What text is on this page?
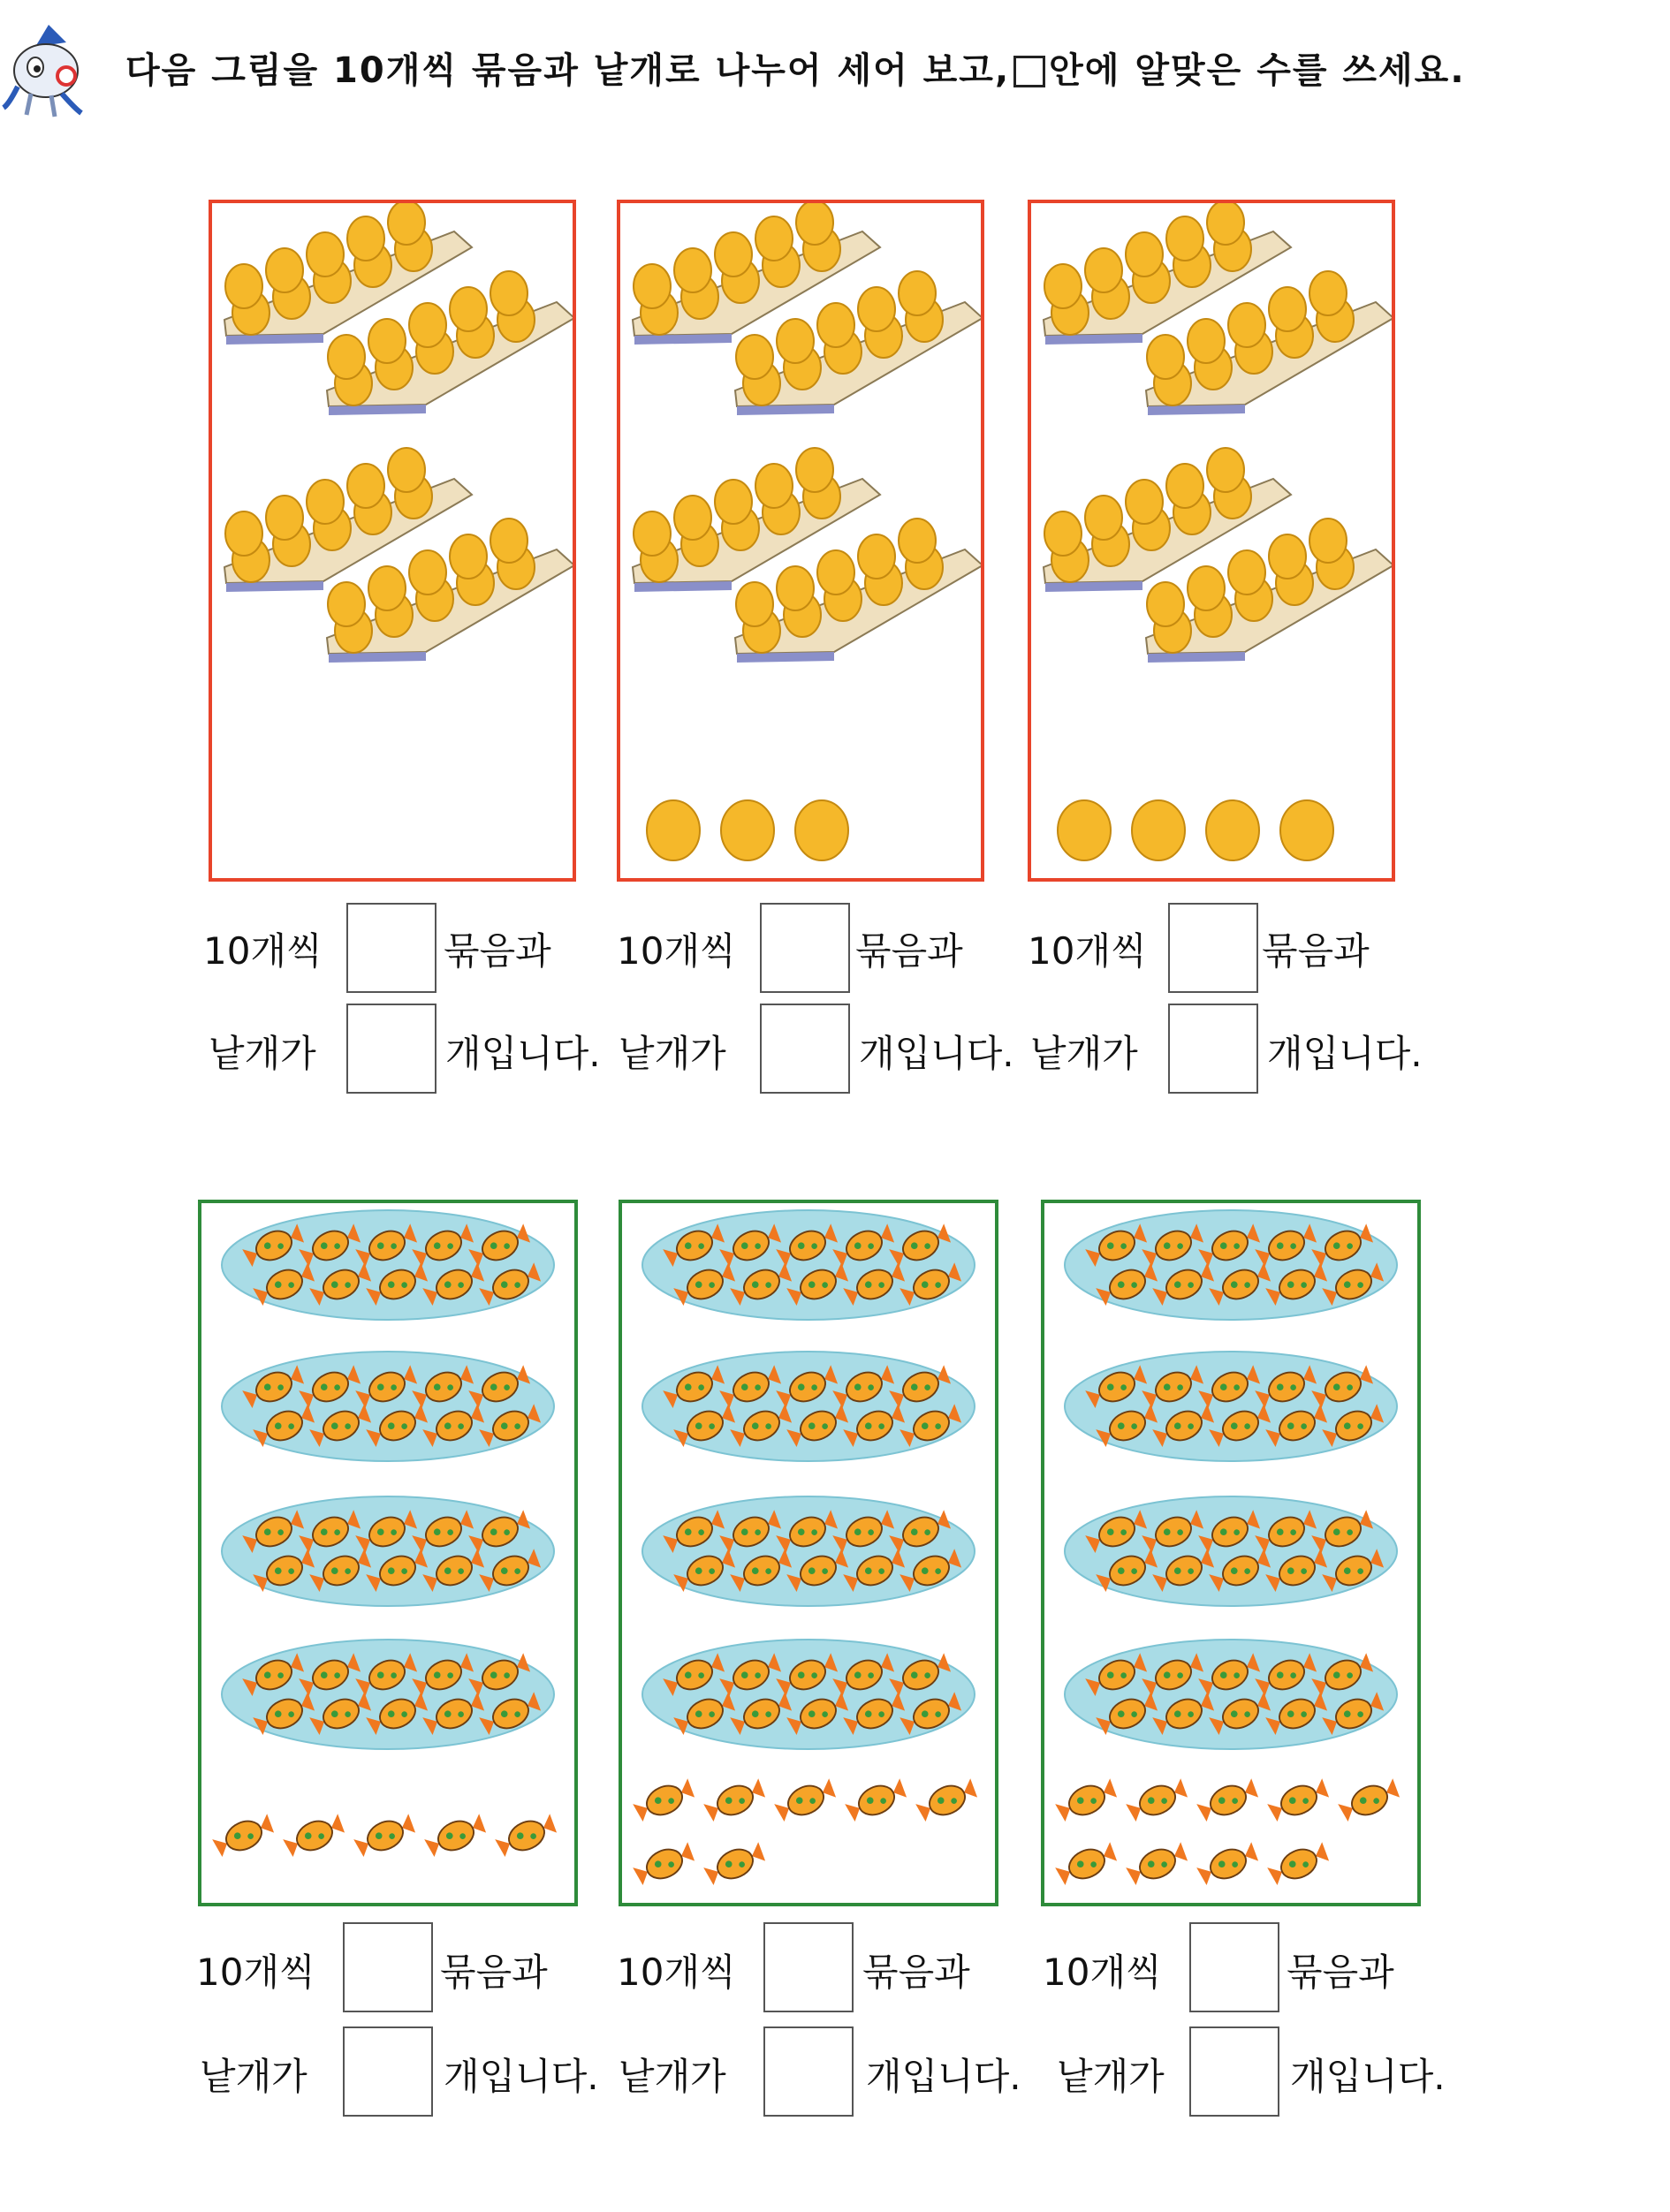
다음 그림을 10개씩 묶음과 낱개로 나누어 세어 보고, 안에 알맞은 수를 쓰세요.
10개씩	묶음과 10개씩	묶음과 10개씩	묶음과
낱개가	개입니다. 낱개가	개입니다. 낱개가	개입니다.
10개씩	묶음과 10개씩	묶음과 10개씩	묶음과
낱개가	개입니다. 낱개가	개입니다. 낱개가	개입니다.
